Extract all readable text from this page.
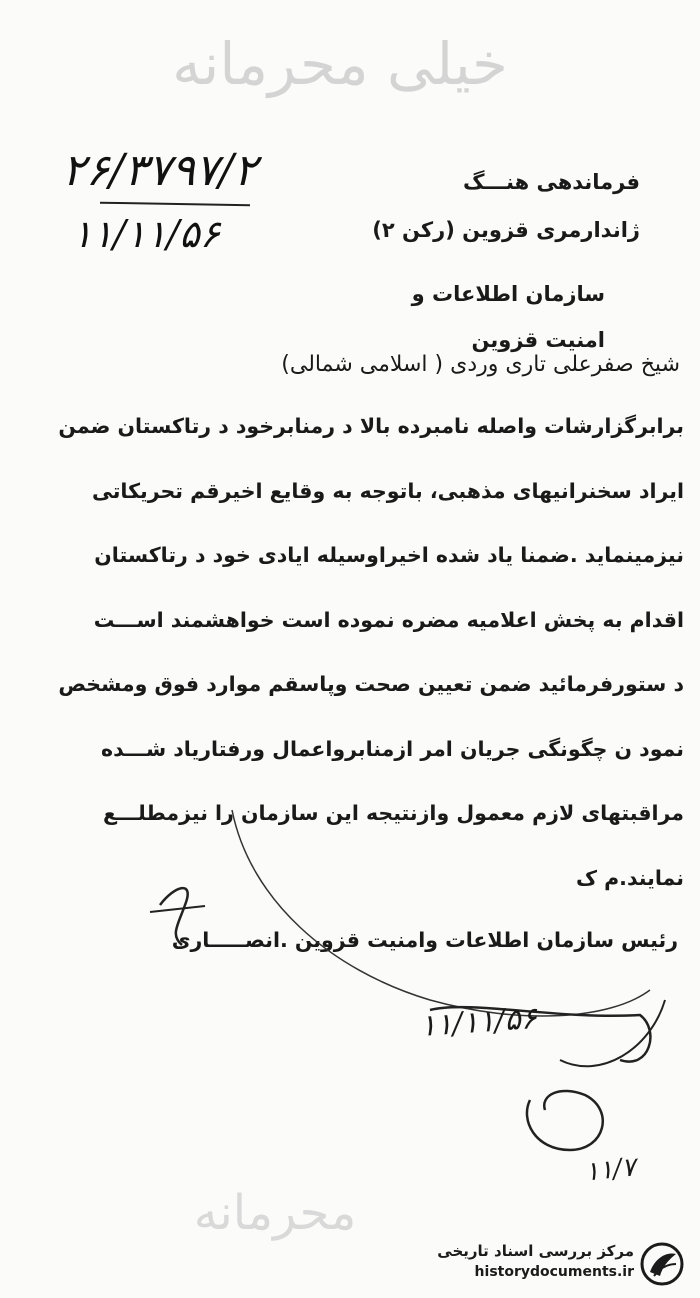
خیلی محرمانه
۲۶/۳۷۹۷/۲
۱۱/۱۱/۵۶
فرماندهی هنـــگ
ژاندارمری قزوین (رکن ۲)
سازمان اطلاعات و
امنیت قزوین
شیخ صفرعلی تاری وردی ( اسلامی شمالی)
برابرگزارشات واصله نامبرده بالا د رمنابرخود د رتاکستان ضمن
ایراد سخنرانیهای مذهبی، باتوجه به وقایع اخیرقم تحریکاتی
نیزمینماید .ضمنا یاد شده اخیراوسیله ایادی خود د رتاکستان
اقدام به پخش اعلامیه مضره نموده است خواهشمند اســـت
د ستورفرمائید ضمن تعیین صحت وپاسقم موارد فوق ومشخص
نمود ن چگونگی جریان امر ازمنابرواعمال ورفتاریاد شـــده
مراقبتهای لازم معمول وازنتیجه این سازمان را نیزمطلـــع
نمایند.م ک
رئیس سازمان اطلاعات وامنیت قزوین .انصـــــاری
۱۱/۱۱/۵۶
۱۱/۷
محرمانه
مرکز بررسی اسناد تاریخی
historydocuments.ir
